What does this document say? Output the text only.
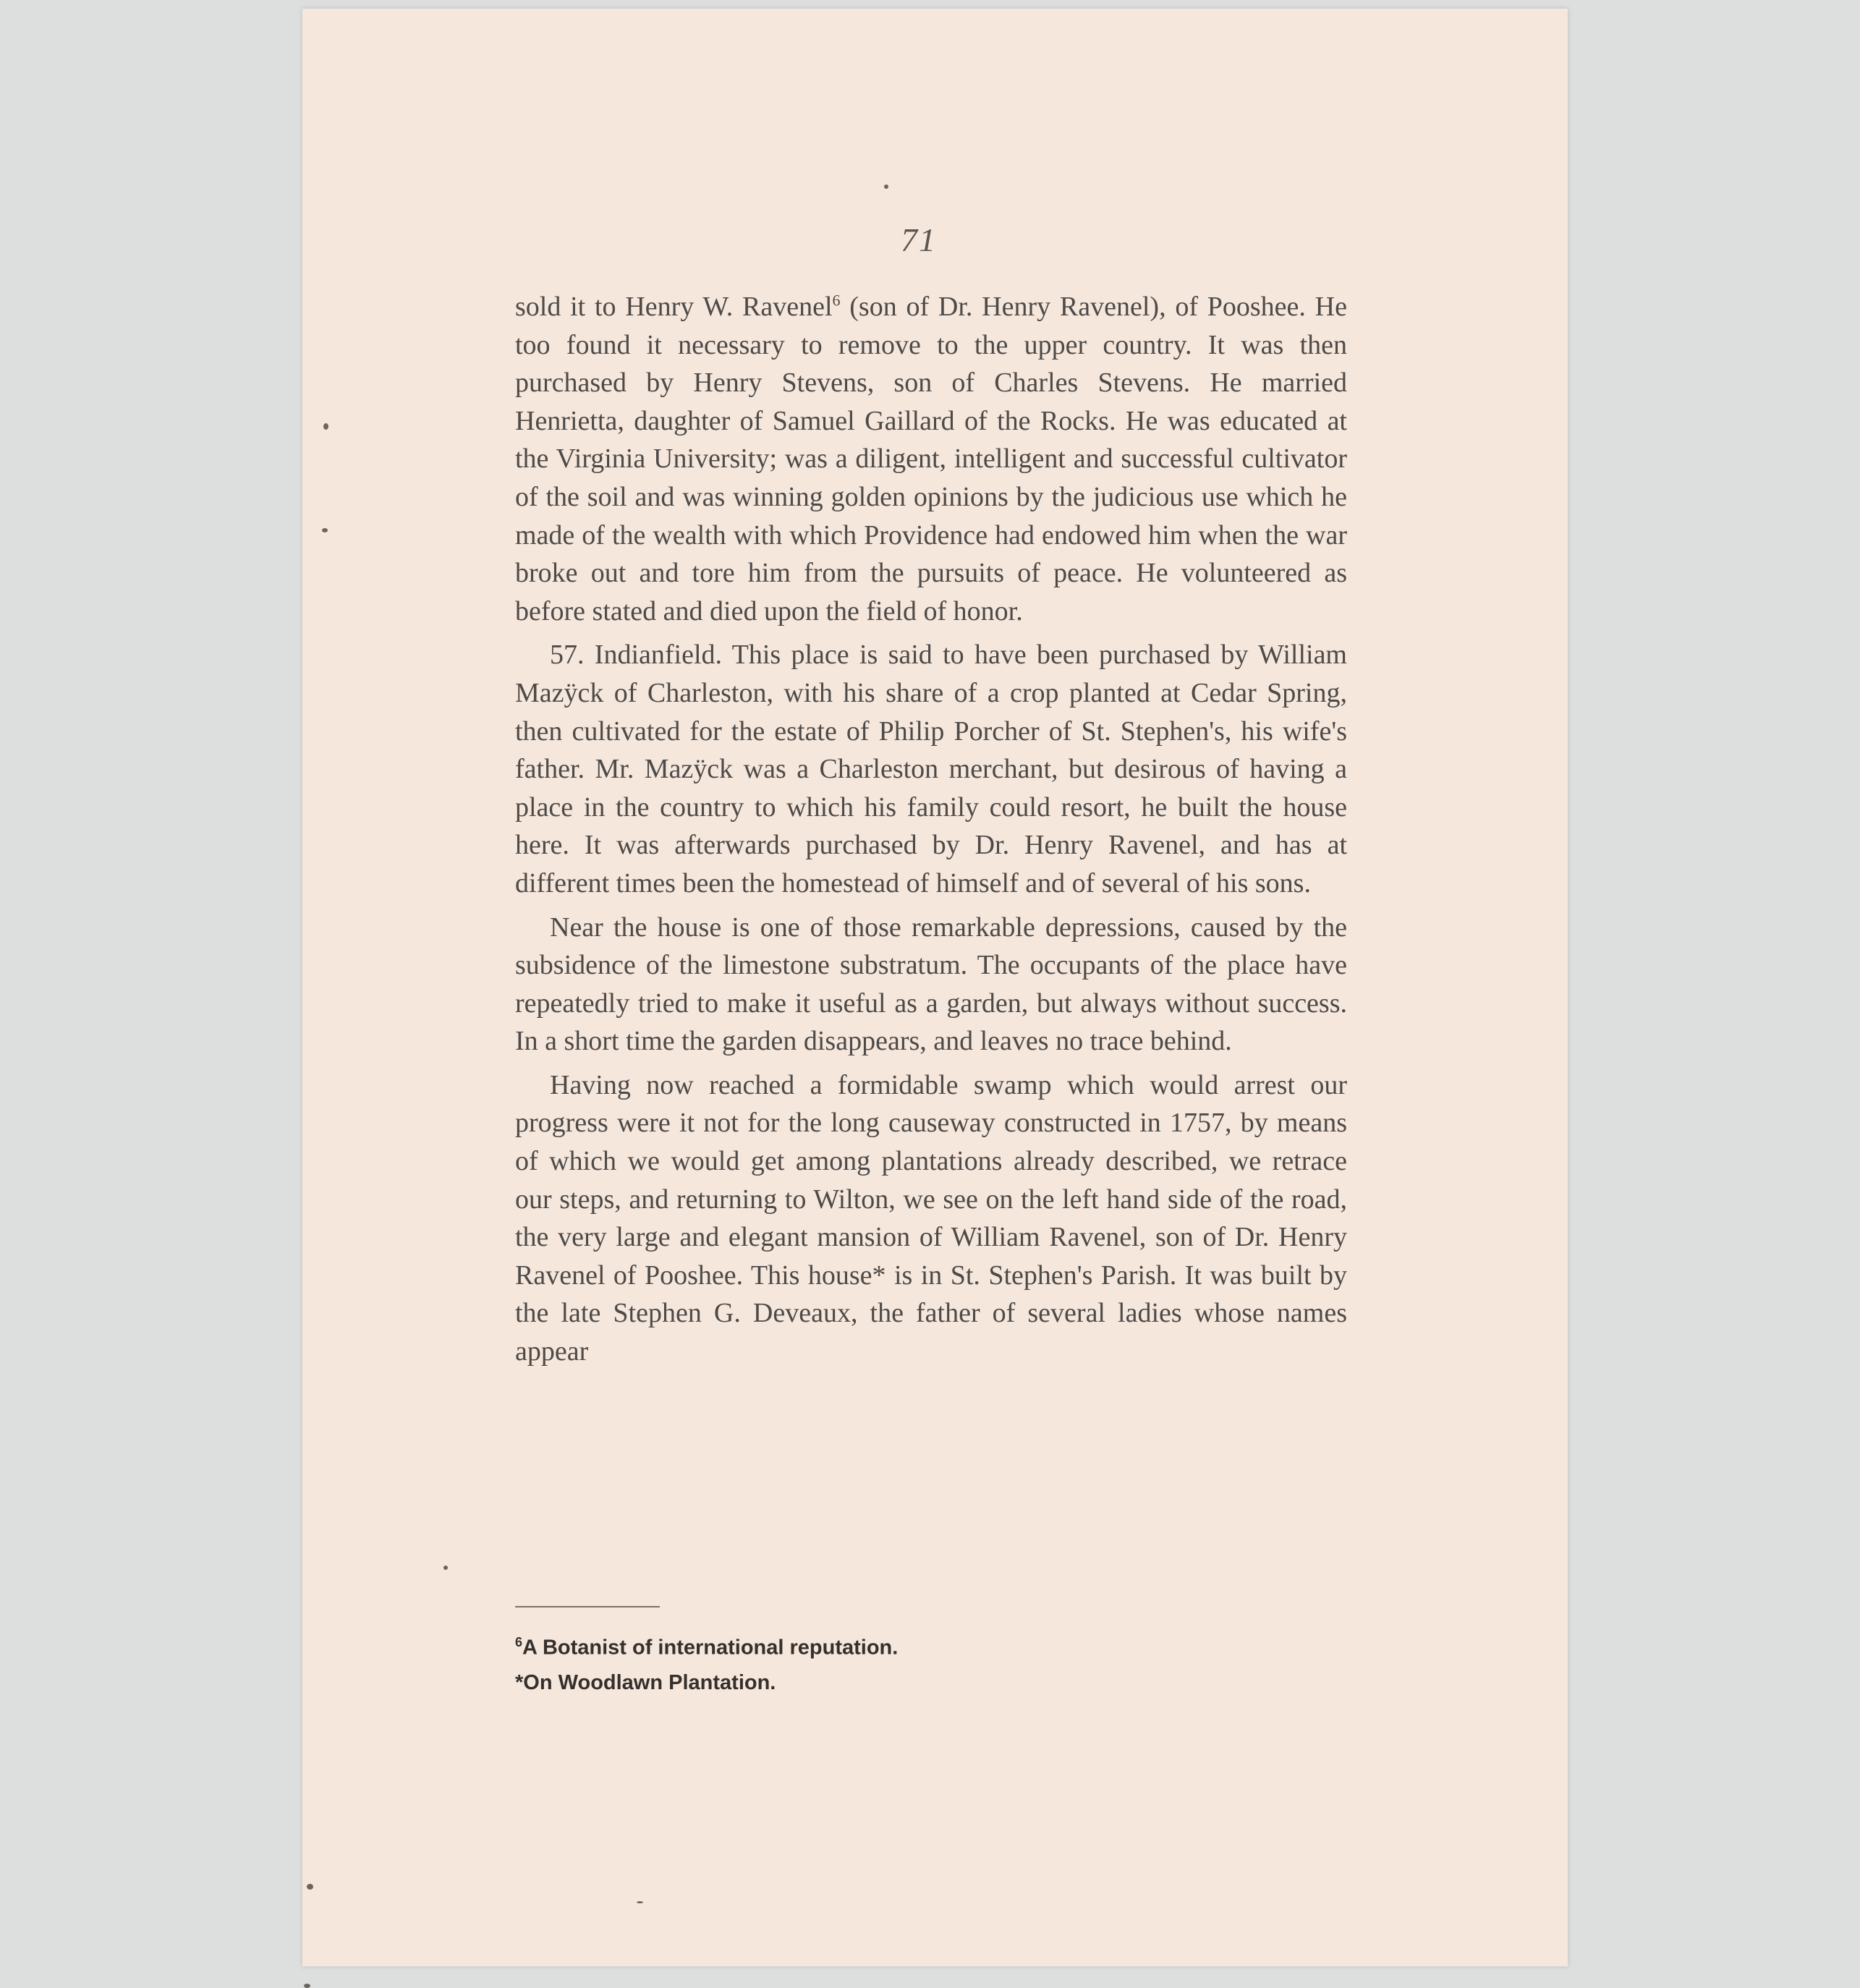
71

sold it to Henry W. Ravenel$^6$ (son of Dr. Henry Ravenel), of Pooshee. He too found it necessary to remove to the upper country. It was then purchased by Henry Stevens, son of Charles Stevens. He married Henrietta, daughter of Samuel Gaillard of the Rocks. He was educated at the Virginia University; was a diligent, intelligent and successful cultivator of the soil and was winning golden opinions by the judicious use which he made of the wealth with which Providence had endowed him when the war broke out and tore him from the pursuits of peace. He volunteered as before stated and died upon the field of honor.

57. Indianfield. This place is said to have been purchased by William Mazÿck of Charleston, with his share of a crop planted at Cedar Spring, then cultivated for the estate of Philip Porcher of St. Stephen's, his wife's father. Mr. Mazÿck was a Charleston merchant, but desirous of having a place in the country to which his family could resort, he built the house here. It was afterwards purchased by Dr. Henry Ravenel, and has at different times been the homestead of himself and of several of his sons.

Near the house is one of those remarkable depressions, caused by the subsidence of the limestone substratum. The occupants of the place have repeatedly tried to make it useful as a garden, but always without success. In a short time the garden disappears, and leaves no trace behind.

Having now reached a formidable swamp which would arrest our progress were it not for the long causeway constructed in 1757, by means of which we would get among plantations already described, we retrace our steps, and returning to Wilton, we see on the left hand side of the road, the very large and elegant mansion of William Ravenel, son of Dr. Henry Ravenel of Pooshee. This house* is in St. Stephen's Parish. It was built by the late Stephen G. Deveaux, the father of several ladies whose names appear

$^6$A Botanist of international reputation.
*On Woodlawn Plantation.
